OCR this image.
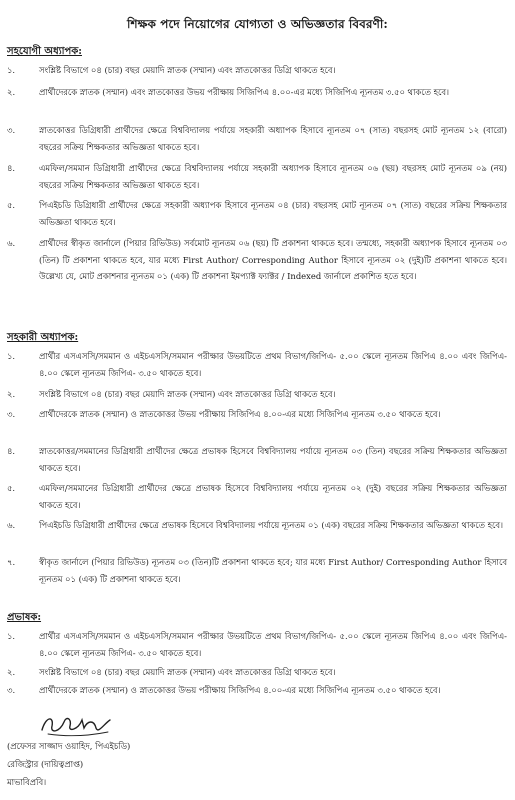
শিক্ষক পদে নিয়োগের যোগ্যতা ও অভিজ্ঞতার বিবরণী:
সহযোগী অধ্যাপক:
১.	সংশ্লিষ্ট বিভাগে ০৪ (চার) বছর মেয়াদি স্নাতক (সম্মান) এবং স্নাতকোত্তর ডিগ্রি থাকতে হবে।
২.	প্রার্থীদেরকে স্নাতক (সম্মান) এবং স্নাতকোত্তর উভয় পরীক্ষায় সিজিপিএ ৪.০০-এর মধ্যে সিজিপিএ ন্যূনতম ৩.৫০ থাকতে হবে।
৩.	স্নাতকোত্তর ডিগ্রিধারী প্রার্থীদের ক্ষেত্রে বিশ্ববিদ্যালয় পর্যায়ে সহকারী অধ্যাপক হিসাবে ন্যূনতম ০৭ (সাত) বছরসহ মোট ন্যূনতম ১২ (বারো) বছরের সক্রিয় শিক্ষকতার অভিজ্ঞতা থাকতে হবে।
৪.	এমফিল/সমমান ডিগ্রিধারী প্রার্থীদের ক্ষেত্রে বিশ্ববিদ্যালয় পর্যায়ে সহকারী অধ্যাপক হিসাবে ন্যূনতম ০৬ (ছয়) বছরসহ মোট ন্যূনতম ০৯ (নয়) বছরের সক্রিয় শিক্ষকতার অভিজ্ঞতা থাকতে হবে।
৫.	পিএইচডি ডিগ্রিধারী প্রার্থীদের ক্ষেত্রে সহকারী অধ্যাপক হিসাবে ন্যূনতম ০৪ (চার) বছরসহ মোট ন্যূনতম ০৭ (সাত) বছরের সক্রিয় শিক্ষকতার অভিজ্ঞতা থাকতে হবে।
৬.	প্রার্থীদের স্বীকৃত জার্নালে (পিয়ার রিভিউড) সর্বমোট ন্যূনতম ০৬ (ছয়) টি প্রকাশনা থাকতে হবে। তন্মধ্যে, সহকারী অধ্যাপক হিসাবে ন্যূনতম ০৩ (তিন) টি প্রকাশনা থাকতে হবে, যার মধ্যে First Author/ Corresponding Author হিসাবে ন্যূনতম ০২ (দুই)টি প্রকাশনা থাকতে হবে। উল্লেখ্য যে, মোট প্রকাশনার ন্যূনতম ০১ (এক) টি প্রকাশনা ইমপ্যাক্ট ফ্যাক্টর / Indexed জার্নালে প্রকাশিত হতে হবে।
সহকারী অধ্যাপক:
১.	প্রার্থীর এসএসসি/সমমান ও এইচএসসি/সমমান পরীক্ষার উভয়টিতে প্রথম বিভাগ/জিপিএ- ৫.০০ স্কেলে ন্যূনতম জিপিএ ৪.০০ এবং জিপিএ- ৪.০০ স্কেলে ন্যূনতম জিপিএ- ৩.৫০ থাকতে হবে।
২.	সংশ্লিষ্ট বিভাগে ০৪ (চার) বছর মেয়াদি স্নাতক (সম্মান) এবং স্নাতকোত্তর ডিগ্রি থাকতে হবে।
৩.	প্রার্থীদেরকে স্নাতক (সম্মান) ও স্নাতকোত্তর উভয় পরীক্ষায় সিজিপিএ ৪.০০-এর মধ্যে সিজিপিএ ন্যূনতম ৩.৫০ থাকতে হবে।
৪.	স্নাতকোত্তর/সমমানের ডিগ্রিধারী প্রার্থীদের ক্ষেত্রে প্রভাষক হিসেবে বিশ্ববিদ্যালয় পর্যায়ে ন্যূনতম ০৩ (তিন) বছরের সক্রিয় শিক্ষকতার অভিজ্ঞতা থাকতে হবে।
৫.	এমফিল/সমমানের ডিগ্রিধারী প্রার্থীদের ক্ষেত্রে প্রভাষক হিসেবে বিশ্ববিদ্যালয় পর্যায়ে ন্যূনতম ০২ (দুই) বছরের সক্রিয় শিক্ষকতার অভিজ্ঞতা থাকতে হবে।
৬.	পিএইচডি ডিগ্রিধারী প্রার্থীদের ক্ষেত্রে প্রভাষক হিসেবে বিশ্ববিদ্যালয় পর্যায়ে ন্যূনতম ০১ (এক) বছরের সক্রিয় শিক্ষকতার অভিজ্ঞতা থাকতে হবে।
৭.	স্বীকৃত জার্নালে (পিয়ার রিভিউড) ন্যূনতম ০৩ (তিন)টি প্রকাশনা থাকতে হবে; যার মধ্যে First Author/ Corresponding Author হিসাবে ন্যূনতম ০১ (এক) টি প্রকাশনা থাকতে হবে।
প্রভাষক:
১.	প্রার্থীর এসএসসি/সমমান ও এইচএসসি/সমমান পরীক্ষার উভয়টিতে প্রথম বিভাগ/জিপিএ- ৫.০০ স্কেলে ন্যূনতম জিপিএ ৪.০০ এবং জিপিএ- ৪.০০ স্কেলে ন্যূনতম জিপিএ- ৩.৫০ থাকতে হবে।
২.	সংশ্লিষ্ট বিভাগে ০৪ (চার) বছর মেয়াদি স্নাতক (সম্মান) এবং স্নাতকোত্তর ডিগ্রি থাকতে হবে।
৩.	প্রার্থীদেরকে স্নাতক (সম্মান) ও স্নাতকোত্তর উভয় পরীক্ষায় সিজিপিএ ৪.০০-এর মধ্যে সিজিপিএ ন্যূনতম ৩.৫০ থাকতে হবে।
(প্রফেসর সাজ্জাদ ওয়াহিদ, পিএইচডি)
রেজিস্ট্রার (দায়িত্বপ্রাপ্ত)
মাভাবিপ্রবি।
